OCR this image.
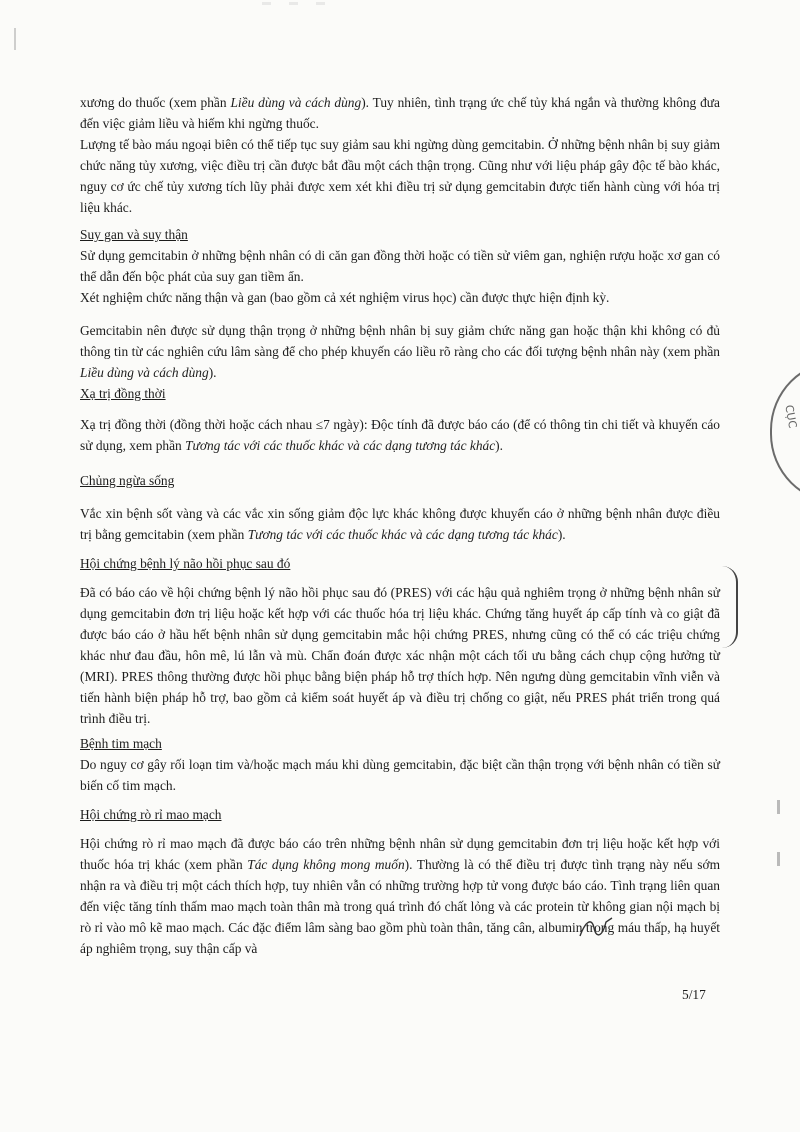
xương do thuốc (xem phần Liều dùng và cách dùng). Tuy nhiên, tình trạng ức chế tủy khá ngắn và thường không đưa đến việc giảm liều và hiếm khi ngừng thuốc.

Lượng tế bào máu ngoại biên có thể tiếp tục suy giảm sau khi ngừng dùng gemcitabin. Ở những bệnh nhân bị suy giảm chức năng tủy xương, việc điều trị cần được bắt đầu một cách thận trọng. Cũng như với liệu pháp gây độc tế bào khác, nguy cơ ức chế tủy xương tích lũy phải được xem xét khi điều trị sử dụng gemcitabin được tiến hành cùng với hóa trị liệu khác.

Suy gan và suy thận

Sử dụng gemcitabin ở những bệnh nhân có di căn gan đồng thời hoặc có tiền sử viêm gan, nghiện rượu hoặc xơ gan có thể dẫn đến bộc phát của suy gan tiềm ẩn.

Xét nghiệm chức năng thận và gan (bao gồm cả xét nghiệm virus học) cần được thực hiện định kỳ.

Gemcitabin nên được sử dụng thận trọng ở những bệnh nhân bị suy giảm chức năng gan hoặc thận khi không có đủ thông tin từ các nghiên cứu lâm sàng để cho phép khuyến cáo liều rõ ràng cho các đối tượng bệnh nhân này (xem phần Liều dùng và cách dùng).

Xạ trị đồng thời

Xạ trị đồng thời (đồng thời hoặc cách nhau ≤7 ngày): Độc tính đã được báo cáo (để có thông tin chi tiết và khuyến cáo sử dụng, xem phần Tương tác với các thuốc khác và các dạng tương tác khác).

Chủng ngừa sống

Vắc xin bệnh sốt vàng và các vắc xin sống giảm độc lực khác không được khuyến cáo ở những bệnh nhân được điều trị bằng gemcitabin (xem phần Tương tác với các thuốc khác và các dạng tương tác khác).

Hội chứng bệnh lý não hồi phục sau đó

Đã có báo cáo về hội chứng bệnh lý não hồi phục sau đó (PRES) với các hậu quả nghiêm trọng ở những bệnh nhân sử dụng gemcitabin đơn trị liệu hoặc kết hợp với các thuốc hóa trị liệu khác. Chứng tăng huyết áp cấp tính và co giật đã được báo cáo ở hầu hết bệnh nhân sử dụng gemcitabin mắc hội chứng PRES, nhưng cũng có thể có các triệu chứng khác như đau đầu, hôn mê, lú lẫn và mù. Chẩn đoán được xác nhận một cách tối ưu bằng cách chụp cộng hưởng từ (MRI). PRES thông thường được hồi phục bằng biện pháp hỗ trợ thích hợp. Nên ngưng dùng gemcitabin vĩnh viễn và tiến hành biện pháp hỗ trợ, bao gồm cả kiểm soát huyết áp và điều trị chống co giật, nếu PRES phát triển trong quá trình điều trị.

Bệnh tim mạch

Do nguy cơ gây rối loạn tim và/hoặc mạch máu khi dùng gemcitabin, đặc biệt cần thận trọng với bệnh nhân có tiền sử biến cố tim mạch.

Hội chứng rò rỉ mao mạch

Hội chứng rò rỉ mao mạch đã được báo cáo trên những bệnh nhân sử dụng gemcitabin đơn trị liệu hoặc kết hợp với thuốc hóa trị khác (xem phần Tác dụng không mong muốn). Thường là có thể điều trị được tình trạng này nếu sớm nhận ra và điều trị một cách thích hợp, tuy nhiên vẫn có những trường hợp tử vong được báo cáo. Tình trạng liên quan đến việc tăng tính thấm mao mạch toàn thân mà trong quá trình đó chất lỏng và các protein từ không gian nội mạch bị rò rỉ vào mô kẽ mao mạch. Các đặc điểm lâm sàng bao gồm phù toàn thân, tăng cân, albumin trong máu thấp, hạ huyết áp nghiêm trọng, suy thận cấp và

5/17
CỤC
